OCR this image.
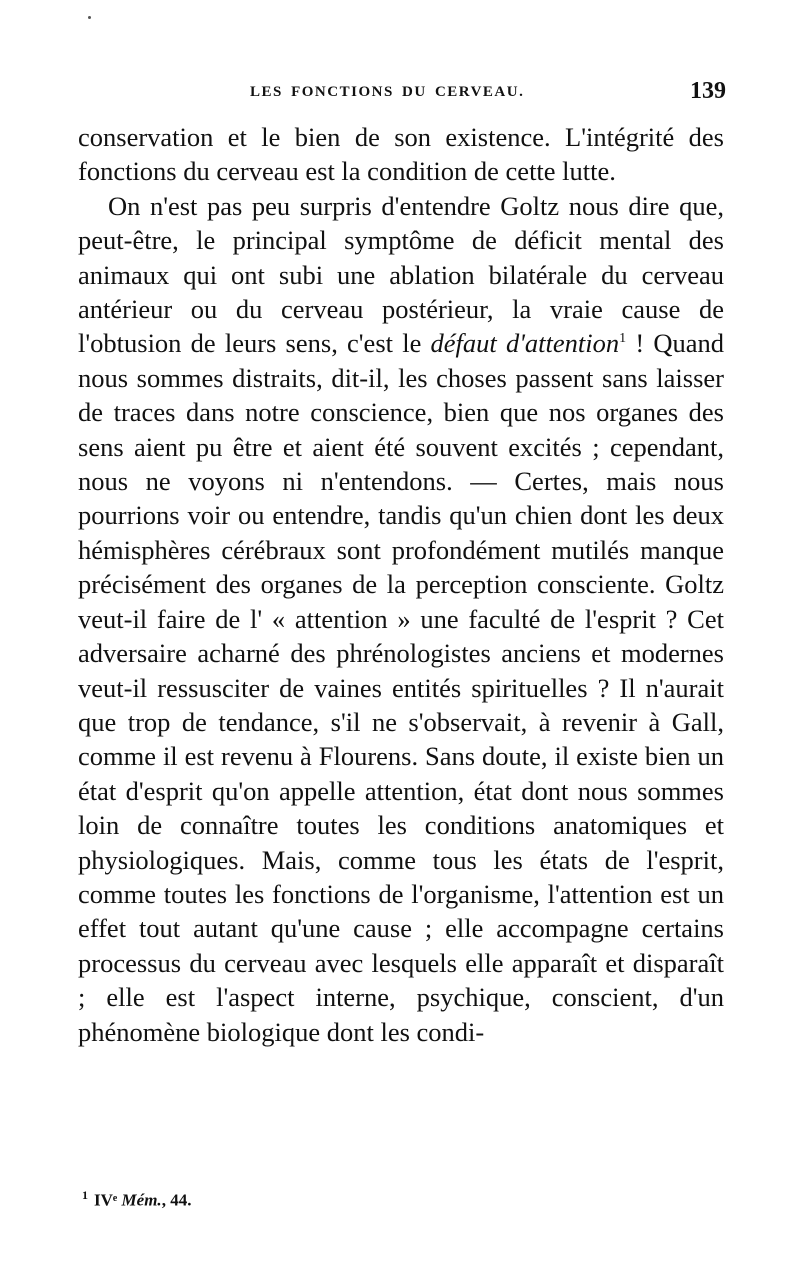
LES FONCTIONS DU CERVEAU.	139

conservation et le bien de son existence. L'intégrité des fonctions du cerveau est la condition de cette lutte.

On n'est pas peu surpris d'entendre Goltz nous dire que, peut-être, le principal symptôme de déficit mental des animaux qui ont subi une ablation bilatérale du cerveau antérieur ou du cerveau postérieur, la vraie cause de l'obtusion de leurs sens, c'est le défaut d'attention$^1$ ! Quand nous sommes distraits, dit-il, les choses passent sans laisser de traces dans notre conscience, bien que nos organes des sens aient pu être et aient été souvent excités ; cependant, nous ne voyons ni n'entendons. — Certes, mais nous pourrions voir ou entendre, tandis qu'un chien dont les deux hémisphères cérébraux sont profondément mutilés manque précisément des organes de la perception consciente. Goltz veut-il faire de l' « attention » une faculté de l'esprit ? Cet adversaire acharné des phrénologistes anciens et modernes veut-il ressusciter de vaines entités spirituelles ? Il n'aurait que trop de tendance, s'il ne s'observait, à revenir à Gall, comme il est revenu à Flourens. Sans doute, il existe bien un état d'esprit qu'on appelle attention, état dont nous sommes loin de connaître toutes les conditions anatomiques et physiologiques. Mais, comme tous les états de l'esprit, comme toutes les fonctions de l'organisme, l'attention est un effet tout autant qu'une cause ; elle accompagne certains processus du cerveau avec lesquels elle apparaît et disparaît ; elle est l'aspect interne, psychique, conscient, d'un phénomène biologique dont les condi-

$^1$ IVᵉ Mém., 44.
